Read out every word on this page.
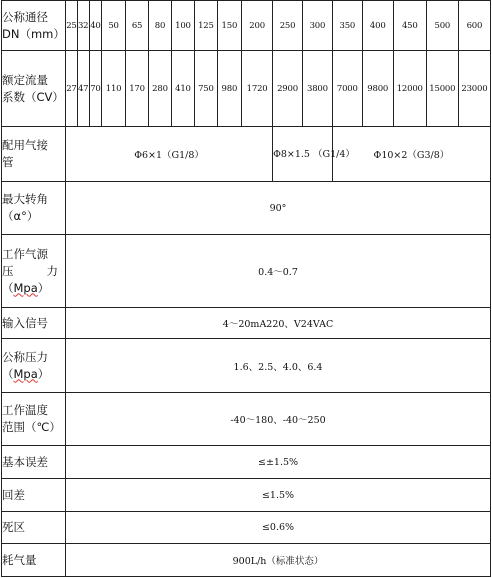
公称通径
DN（mm）	25	32	40	50	65	80	100	125	150	200	250	300	350	400	450	500	600

额定流量
系数（CV）	27	47	70	110	170	280	410	750	980	1720	2900	3800	7000	9800	12000	15000	23000

配用气接
管	Φ6×1（G1/8）										Φ8×1.5 （G1/4）		Φ10×2（G3/8）				

最大转角
（α°）	90°																

工作气源
压 力
（Mpa）	0.4～0.7																
输入信号	4～20mA220、V24VAC																

公称压力
（Mpa）	1.6、2.5、4.0、6.4																

工作温度
范围（℃）	-40～180、-40～250																
基本误差	≤±1.5%																
回差	≤1.5%																
死区	≤0.6%																
耗气量	900L/h（标准状态）																
